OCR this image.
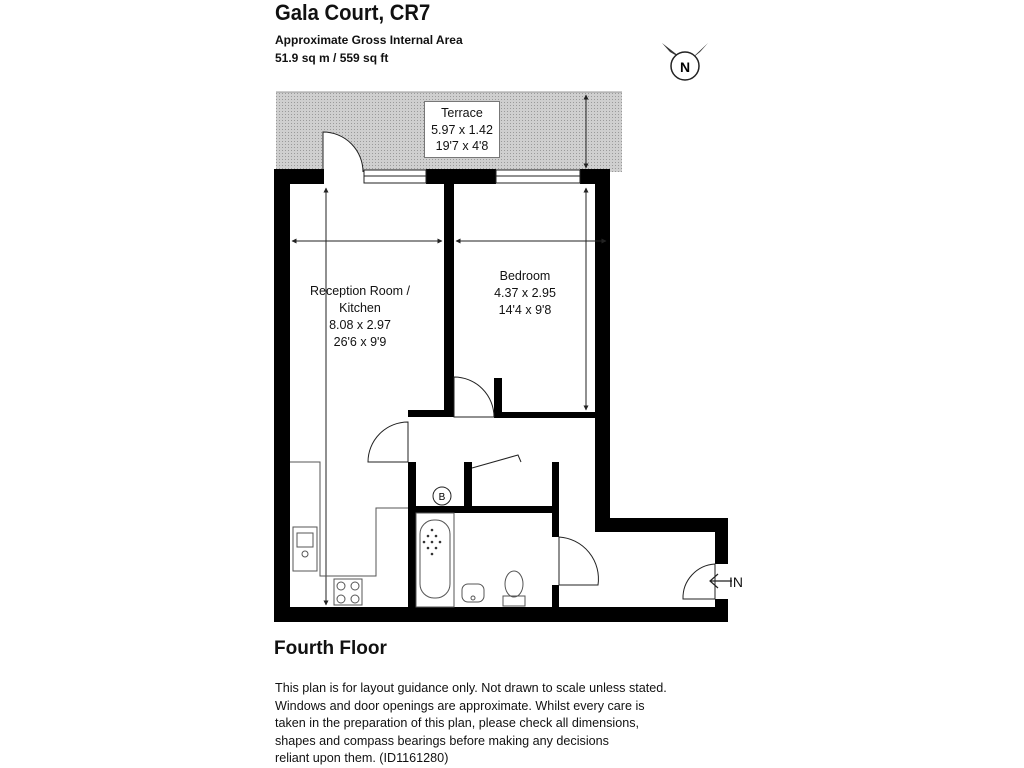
Gala Court, CR7
Approximate Gross Internal Area
51.9 sq m / 559 sq ft
N
B
Terrace
5.97 x 1.42
19'7 x 4'8
Bedroom
4.37 x 2.95
14'4 x 9'8
Reception Room /
Kitchen
8.08 x 2.97
26'6 x 9'9
IN
Fourth Floor
This plan is for layout guidance only. Not drawn to scale unless stated.
Windows and door openings are approximate. Whilst every care is
taken in the preparation of this plan, please check all dimensions,
shapes and compass bearings before making any decisions
reliant upon them. (ID1161280)
